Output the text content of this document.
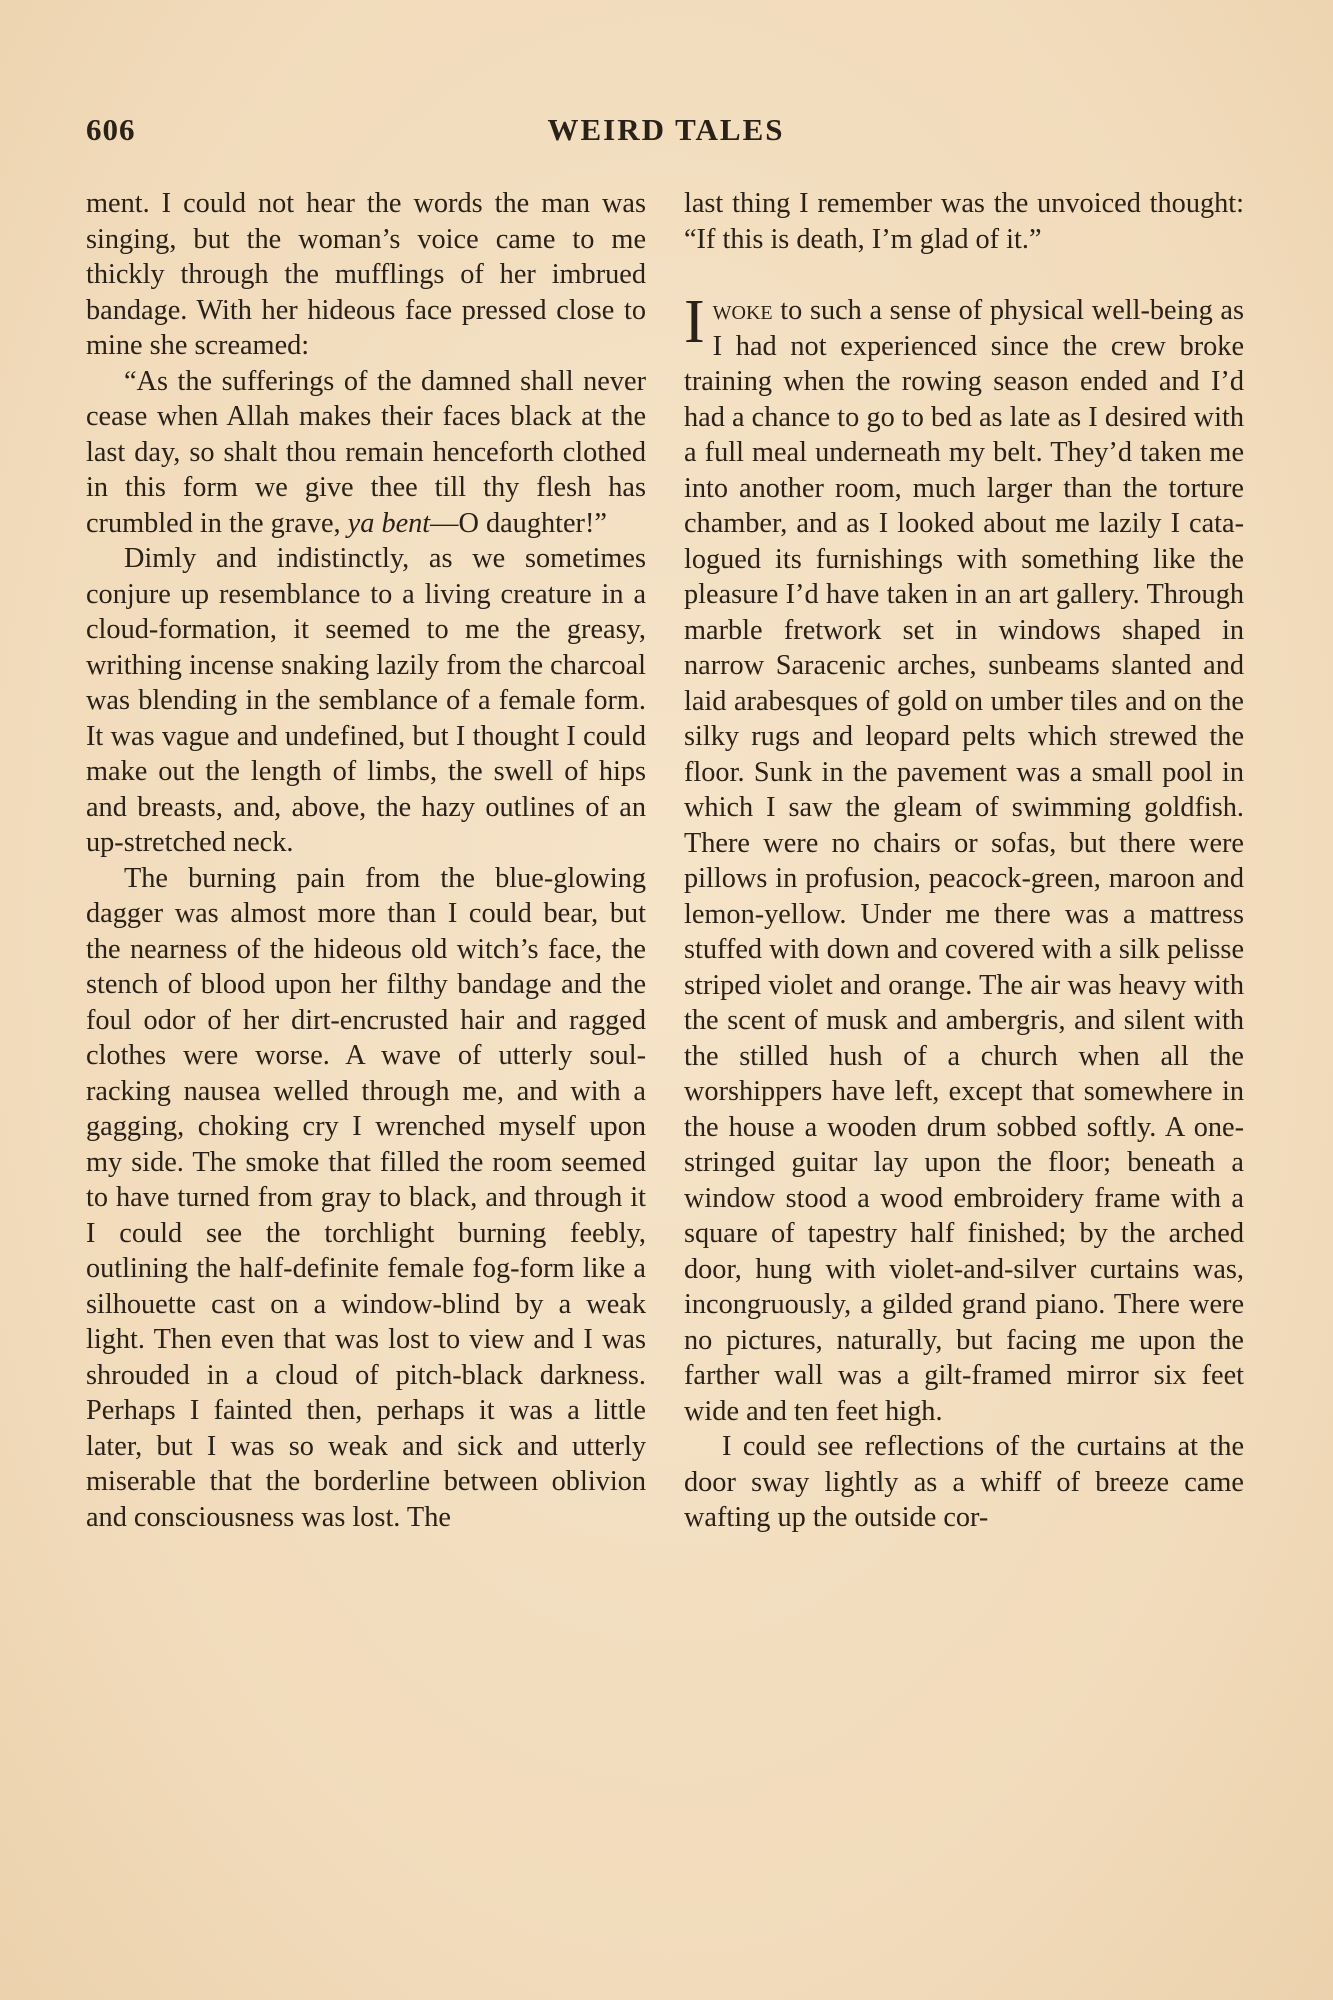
606	WEIRD TALES

ment. I could not hear the words the man was singing, but the woman’s voice came to me thickly through the mufflings of her imbrued bandage. With her hideous face pressed close to mine she screamed:

“As the sufferings of the damned shall never cease when Allah makes their faces black at the last day, so shalt thou remain henceforth clothed in this form we give thee till thy flesh has crumbled in the grave, ya bent—O daughter!”

Dimly and indistinctly, as we sometimes conjure up resemblance to a living creature in a cloud-formation, it seemed to me the greasy, writhing incense snaking lazily from the charcoal was blending in the semblance of a female form. It was vague and undefined, but I thought I could make out the length of limbs, the swell of hips and breasts, and, above, the hazy outlines of an up-stretched neck.

The burning pain from the blue-glowing dagger was almost more than I could bear, but the nearness of the hideous old witch’s face, the stench of blood upon her filthy bandage and the foul odor of her dirt-encrusted hair and ragged clothes were worse. A wave of utterly soul-racking nausea welled through me, and with a gagging, choking cry I wrenched myself upon my side. The smoke that filled the room seemed to have turned from gray to black, and through it I could see the torchlight burning feebly, outlining the half-definite female fog-form like a silhouette cast on a window-blind by a weak light. Then even that was lost to view and I was shrouded in a cloud of pitch-black darkness. Perhaps I fainted then, perhaps it was a little later, but I was so weak and sick and utterly miserable that the borderline between oblivion and consciousness was lost. The

last thing I remember was the unvoiced thought: “If this is death, I’m glad of it.”

Iwoke to such a sense of physical well-being as I had not experienced since the crew broke training when the rowing season ended and I’d had a chance to go to bed as late as I desired with a full meal underneath my belt. They’d taken me into another room, much larger than the torture chamber, and as I looked about me lazily I catalogued its furnishings with something like the pleasure I’d have taken in an art gallery. Through marble fretwork set in windows shaped in narrow Saracenic arches, sunbeams slanted and laid arabesques of gold on umber tiles and on the silky rugs and leopard pelts which strewed the floor. Sunk in the pavement was a small pool in which I saw the gleam of swimming goldfish. There were no chairs or sofas, but there were pillows in profusion, peacock-green, maroon and lemon-yellow. Under me there was a mattress stuffed with down and covered with a silk pelisse striped violet and orange. The air was heavy with the scent of musk and ambergris, and silent with the stilled hush of a church when all the worshippers have left, except that somewhere in the house a wooden drum sobbed softly. A one-stringed guitar lay upon the floor; beneath a window stood a wood embroidery frame with a square of tapestry half finished; by the arched door, hung with violet-and-silver curtains was, incongruously, a gilded grand piano. There were no pictures, naturally, but facing me upon the farther wall was a gilt-framed mirror six feet wide and ten feet high.

I could see reflections of the curtains at the door sway lightly as a whiff of breeze came wafting up the outside cor-
